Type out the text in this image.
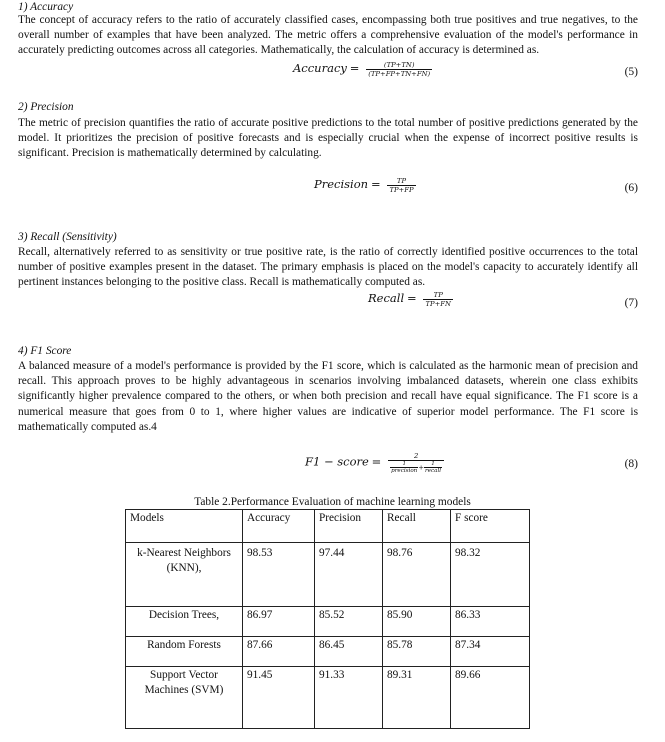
1) Accuracy
The concept of accuracy refers to the ratio of accurately classified cases, encompassing both true positives and true negatives, to the overall number of examples that have been analyzed. The metric offers a comprehensive evaluation of the model's performance in accurately predicting outcomes across all categories. Mathematically, the calculation of accuracy is determined as.
Accuracy = $\frac{(TP+TN)}{(TP+FP+TN+FN)}$	(5)
2) Precision
The metric of precision quantifies the ratio of accurate positive predictions to the total number of positive predictions generated by the model. It prioritizes the precision of positive forecasts and is especially crucial when the expense of incorrect positive results is significant. Precision is mathematically determined by calculating.
Precision = $\frac{TP}{TP+FP}$	(6)
3) Recall (Sensitivity)
Recall, alternatively referred to as sensitivity or true positive rate, is the ratio of correctly identified positive occurrences to the total number of positive examples present in the dataset. The primary emphasis is placed on the model's capacity to accurately identify all pertinent instances belonging to the positive class. Recall is mathematically computed as.
Recall = $\frac{TP}{TP+FN}$	(7)
4) F1 Score
A balanced measure of a model's performance is provided by the F1 score, which is calculated as the harmonic mean of precision and recall. This approach proves to be highly advantageous in scenarios involving imbalanced datasets, wherein one class exhibits significantly higher prevalence compared to the others, or when both precision and recall have equal significance. The F1 score is a numerical measure that goes from 0 to 1, where higher values are indicative of superior model performance. The F1 score is mathematically computed as.4
F1 − score = 2
1
precision + 1
recall	(8)
Table 2.Performance Evaluation of machine learning models
Models	Accuracy	Precision	Recall	F score
k-Nearest Neighbors (KNN),	98.53	97.44	98.76	98.32
Decision Trees,	86.97	85.52	85.90	86.33
Random Forests	87.66	86.45	85.78	87.34
Support Vector Machines (SVM)	91.45	91.33	89.31	89.66
